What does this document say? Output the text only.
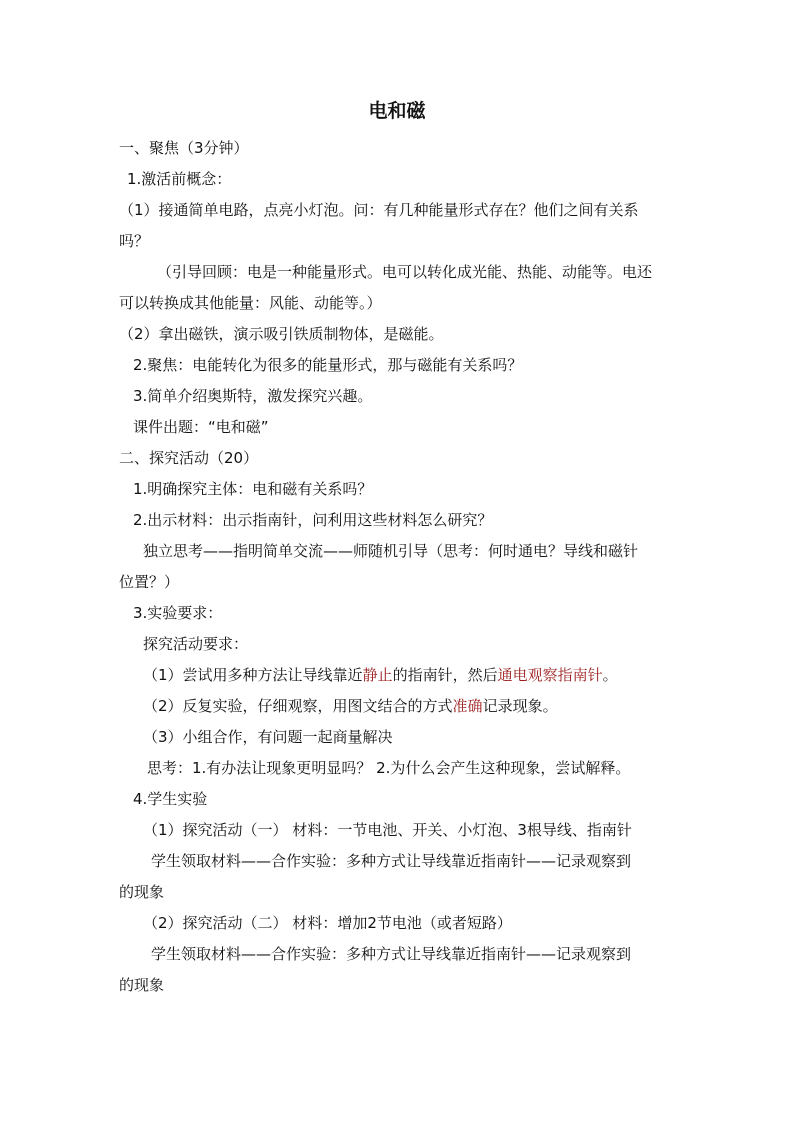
电和磁
一、聚焦（3分钟）
1.激活前概念：
（1）接通简单电路，点亮小灯泡。问：有几种能量形式存在？他们之间有关系
吗？
（引导回顾：电是一种能量形式。电可以转化成光能、热能、动能等。电还
可以转换成其他能量：风能、动能等。）
（2）拿出磁铁，演示吸引铁质制物体，是磁能。
2.聚焦：电能转化为很多的能量形式，那与磁能有关系吗？
3.简单介绍奥斯特，激发探究兴趣。
课件出题：“电和磁”
二、探究活动（20）
1.明确探究主体：电和磁有关系吗？
2.出示材料：出示指南针，问利用这些材料怎么研究？
独立思考——指明简单交流——师随机引导（思考：何时通电？导线和磁针
位置？）
3.实验要求：
探究活动要求：
（1）尝试用多种方法让导线靠近静止的指南针，然后通电观察指南针。
（2）反复实验，仔细观察，用图文结合的方式准确记录现象。
（3）小组合作，有问题一起商量解决
思考：1.有办法让现象更明显吗？ 2.为什么会产生这种现象，尝试解释。
4.学生实验
（1）探究活动（一） 材料：一节电池、开关、小灯泡、3根导线、指南针
学生领取材料——合作实验：多种方式让导线靠近指南针——记录观察到
的现象
（2）探究活动（二） 材料：增加2节电池（或者短路）
学生领取材料——合作实验：多种方式让导线靠近指南针——记录观察到
的现象
